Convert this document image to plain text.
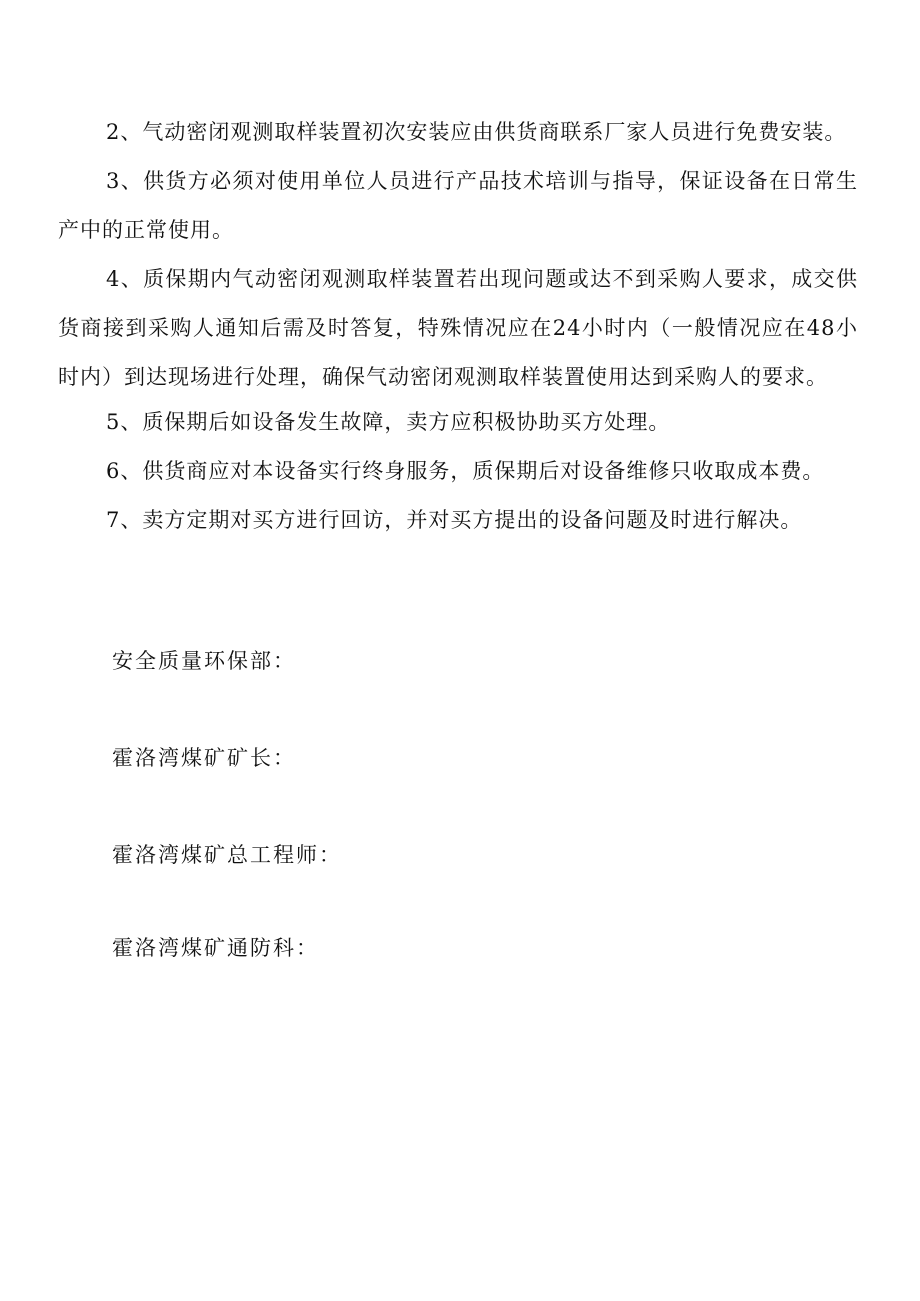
2、气动密闭观测取样装置初次安装应由供货商联系厂家人员进行免费安装。

3、供货方必须对使用单位人员进行产品技术培训与指导，保证设备在日常生产中的正常使用。

4、质保期内气动密闭观测取样装置若出现问题或达不到采购人要求，成交供货商接到采购人通知后需及时答复，特殊情况应在24小时内（一般情况应在48小时内）到达现场进行处理，确保气动密闭观测取样装置使用达到采购人的要求。

5、质保期后如设备发生故障，卖方应积极协助买方处理。

6、供货商应对本设备实行终身服务，质保期后对设备维修只收取成本费。

7、卖方定期对买方进行回访，并对买方提出的设备问题及时进行解决。

安全质量环保部：

霍洛湾煤矿矿长：

霍洛湾煤矿总工程师：

霍洛湾煤矿通防科：
